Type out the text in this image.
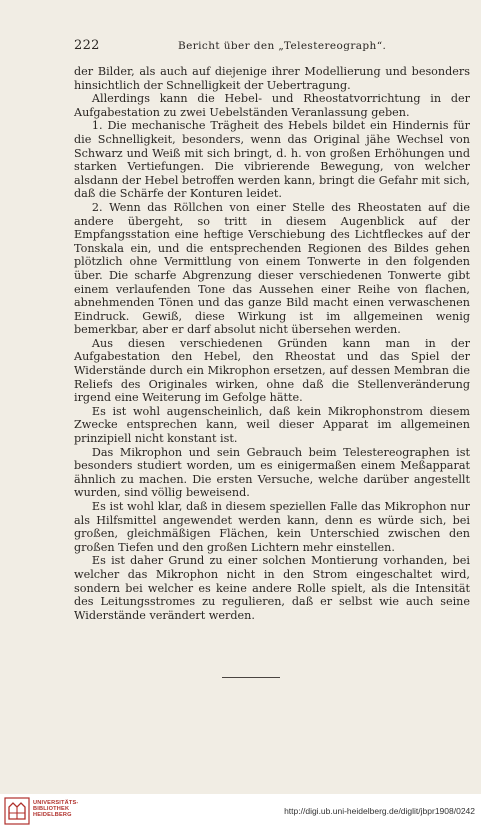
222	Bericht über den „Telestereograph“.

der Bilder, als auch auf diejenige ihrer Modellierung und besonders hinsichtlich der Schnelligkeit der Uebertragung.

Allerdings kann die Hebel- und Rheostatvorrichtung in der Aufgabestation zu zwei Uebelständen Veranlassung geben.

1. Die mechanische Trägheit des Hebels bildet ein Hindernis für die Schnelligkeit, besonders, wenn das Original jähe Wechsel von Schwarz und Weiß mit sich bringt, d. h. von großen Erhöhungen und starken Vertiefungen. Die vibrierende Bewegung, von welcher alsdann der Hebel betroffen werden kann, bringt die Gefahr mit sich, daß die Schärfe der Konturen leidet.

2. Wenn das Röllchen von einer Stelle des Rheostaten auf die andere übergeht, so tritt in diesem Augenblick auf der Empfangsstation eine heftige Verschiebung des Lichtfleckes auf der Tonskala ein, und die entsprechenden Regionen des Bildes gehen plötzlich ohne Vermittlung von einem Tonwerte in den folgenden über. Die scharfe Abgrenzung dieser verschiedenen Tonwerte gibt einem verlaufenden Tone das Aussehen einer Reihe von flachen, abnehmenden Tönen und das ganze Bild macht einen verwaschenen Eindruck. Gewiß, diese Wirkung ist im allgemeinen wenig bemerkbar, aber er darf absolut nicht übersehen werden.

Aus diesen verschiedenen Gründen kann man in der Aufgabestation den Hebel, den Rheostat und das Spiel der Widerstände durch ein Mikrophon ersetzen, auf dessen Membran die Reliefs des Originales wirken, ohne daß die Stellenveränderung irgend eine Weiterung im Gefolge hätte.

Es ist wohl augenscheinlich, daß kein Mikrophonstrom diesem Zwecke entsprechen kann, weil dieser Apparat im allgemeinen prinzipiell nicht konstant ist.

Das Mikrophon und sein Gebrauch beim Telestereographen ist besonders studiert worden, um es einigermaßen einem Meßapparat ähnlich zu machen. Die ersten Versuche, welche darüber angestellt wurden, sind völlig beweisend.

Es ist wohl klar, daß in diesem speziellen Falle das Mikrophon nur als Hilfsmittel angewendet werden kann, denn es würde sich, bei großen, gleichmäßigen Flächen, kein Unterschied zwischen den großen Tiefen und den großen Lichtern mehr einstellen.

Es ist daher Grund zu einer solchen Montierung vorhanden, bei welcher das Mikrophon nicht in den Strom eingeschaltet wird, sondern bei welcher es keine andere Rolle spielt, als die Intensität des Leitungsstromes zu regulieren, daß er selbst wie auch seine Widerstände verändert werden.

UNIVERSITÄTS-
BIBLIOTHEK
HEIDELBERG	http://digi.ub.uni-heidelberg.de/diglit/jbpr1908/0242
